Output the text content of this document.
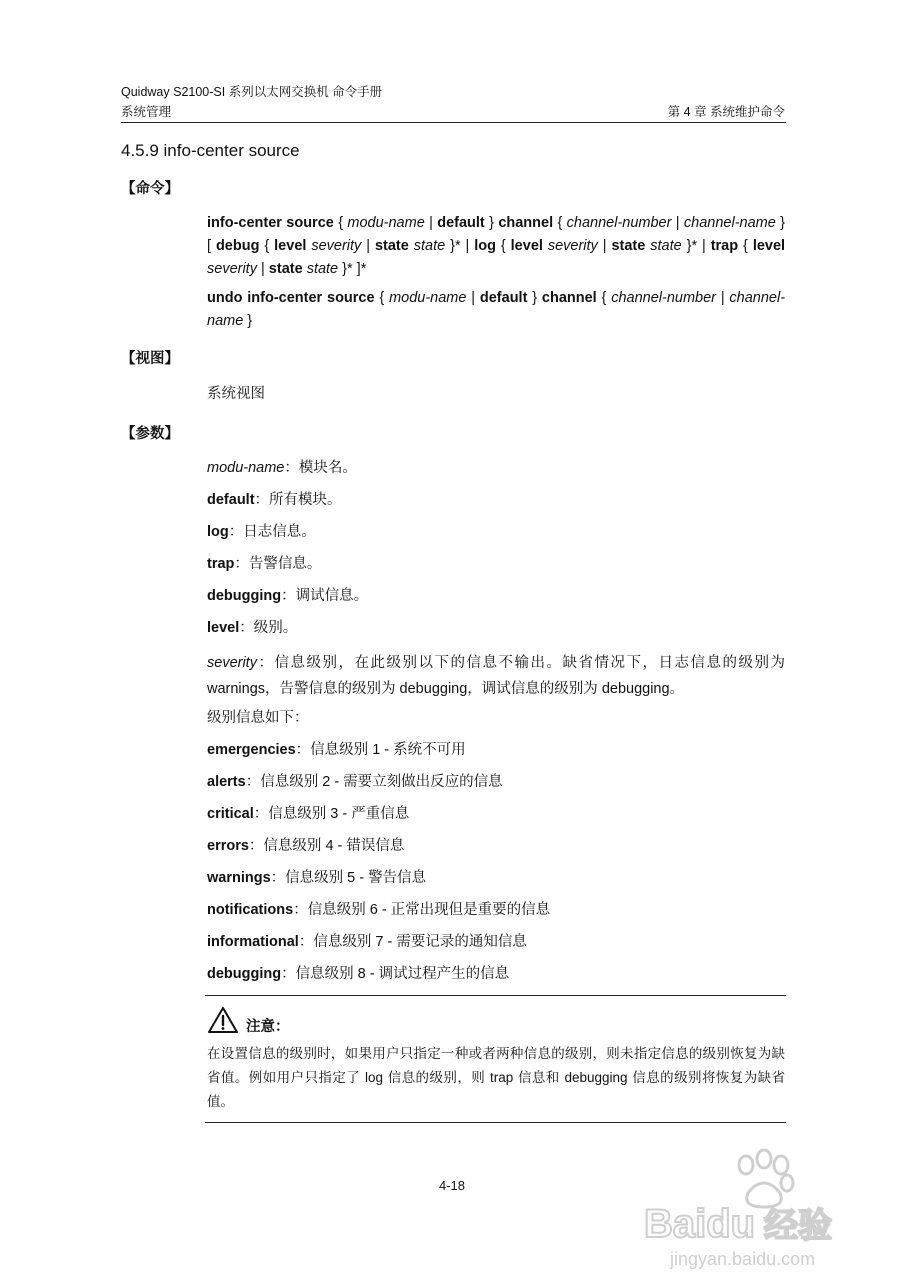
Quidway S2100-SI 系列以太网交换机 命令手册
系统管理	第 4 章 系统维护命令
4.5.9 info-center source
【命令】
info-center source { modu-name | default } channel { channel-number | channel-name } [ debug { level severity | state state }* | log { level severity | state state }* | trap { level severity | state state }* ]*
undo info-center source { modu-name | default } channel { channel-number | channel-name }
【视图】
系统视图
【参数】
modu-name：模块名。
default：所有模块。
log：日志信息。
trap：告警信息。
debugging：调试信息。
level：级别。
severity：信息级别，在此级别以下的信息不输出。缺省情况下，日志信息的级别为 warnings，告警信息的级别为 debugging，调试信息的级别为 debugging。
级别信息如下：
emergencies：信息级别 1 - 系统不可用
alerts：信息级别 2 - 需要立刻做出反应的信息
critical：信息级别 3 - 严重信息
errors：信息级别 4 - 错误信息
warnings：信息级别 5 - 警告信息
notifications：信息级别 6 - 正常出现但是重要的信息
informational：信息级别 7 - 需要记录的通知信息
debugging：信息级别 8 - 调试过程产生的信息
注意：
在设置信息的级别时，如果用户只指定一种或者两种信息的级别，则未指定信息的级别恢复为缺省值。例如用户只指定了 log 信息的级别，则 trap 信息和 debugging 信息的级别将恢复为缺省值。
4-18
Baidu 经验
jingyan.baidu.com
